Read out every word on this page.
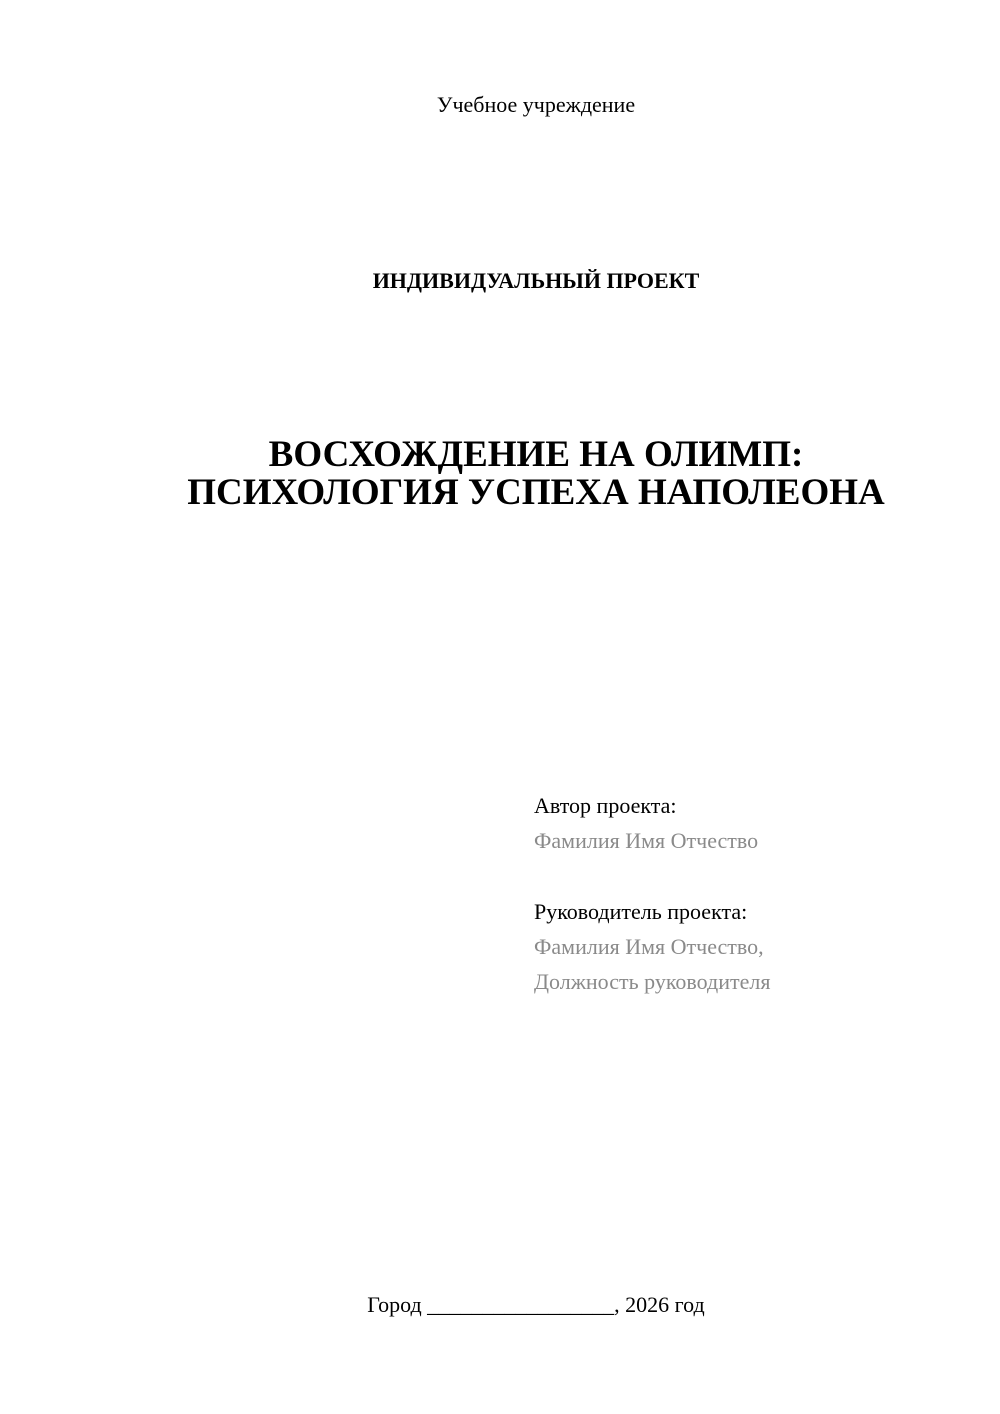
Учебное учреждение

ИНДИВИДУАЛЬНЫЙ ПРОЕКТ

ВОСХОЖДЕНИЕ НА ОЛИМП:
ПСИХОЛОГИЯ УСПЕХА НАПОЛЕОНА
Автор проекта:
Фамилия Имя Отчество
Руководитель проекта:
Фамилия Имя Отчество,
Должность руководителя
Город _________________, 2026 год
